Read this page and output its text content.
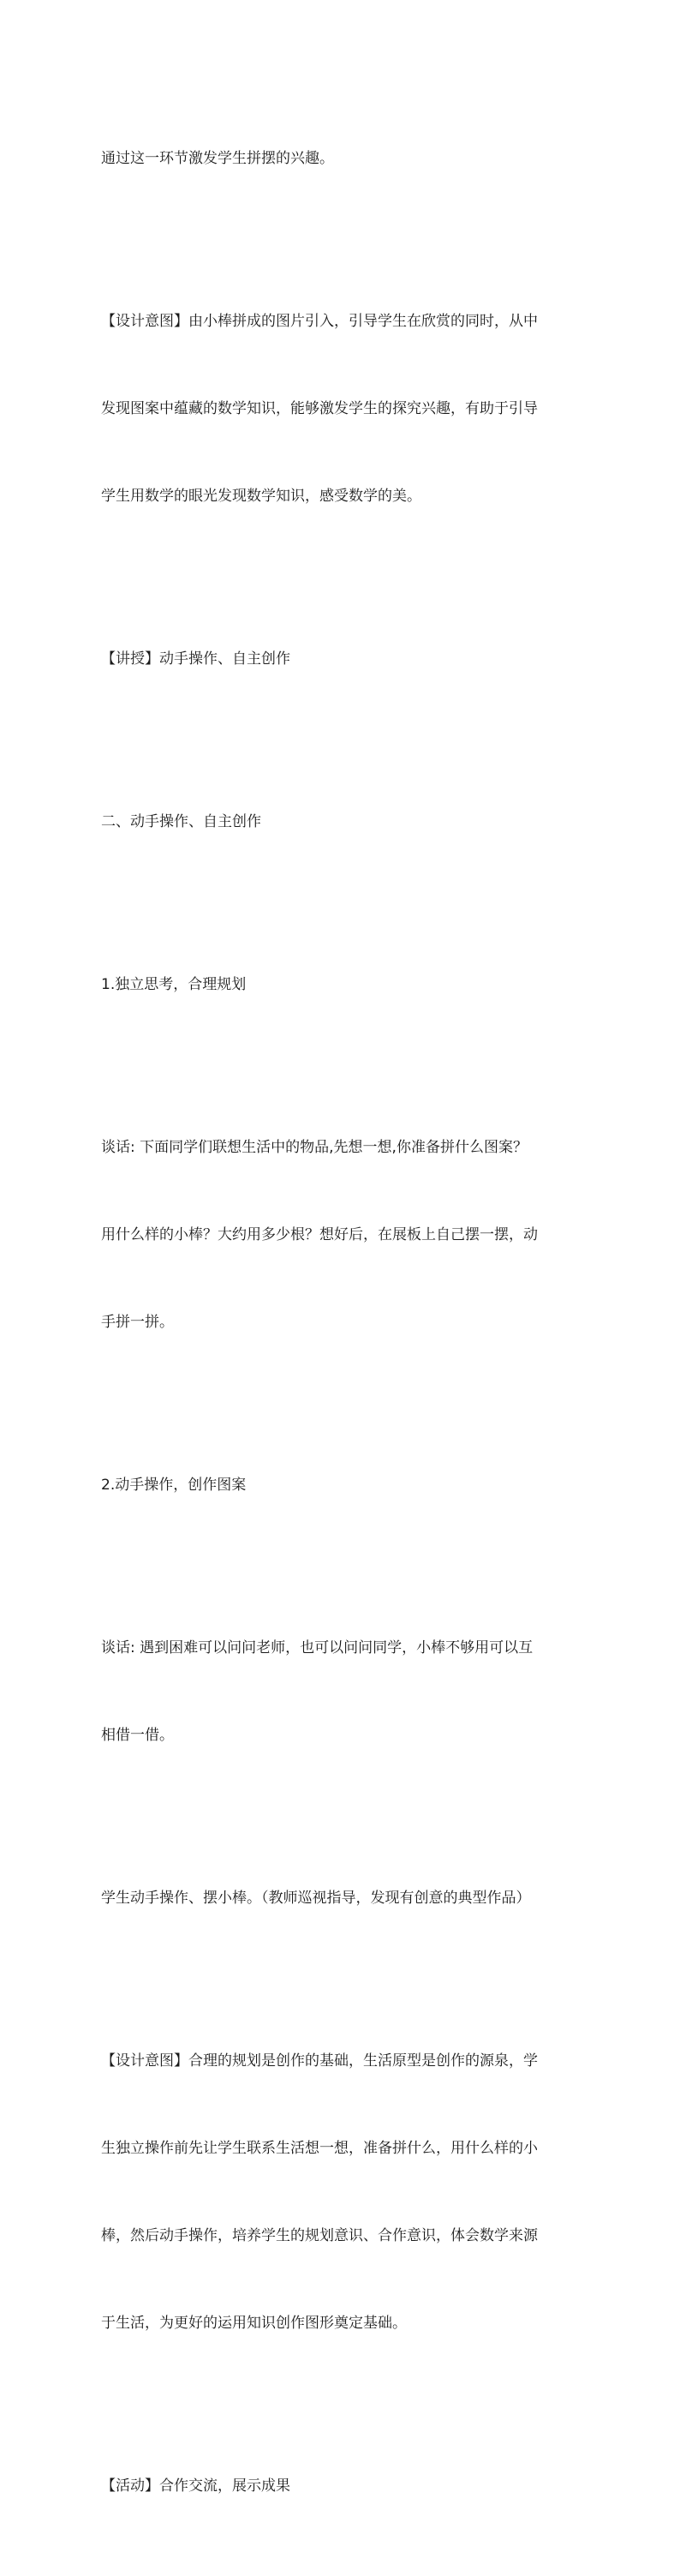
通过这一环节激发学生拼摆的兴趣。

【设计意图】由小棒拼成的图片引入，引导学生在欣赏的同时，从中

发现图案中蕴藏的数学知识，能够激发学生的探究兴趣，有助于引导

学生用数学的眼光发现数学知识，感受数学的美。

【讲授】动手操作、自主创作

二、动手操作、自主创作

1.独立思考，合理规划

谈话: 下面同学们联想生活中的物品,先想一想,你准备拼什么图案？

用什么样的小棒？大约用多少根？想好后，在展板上自己摆一摆，动

手拼一拼。

2.动手操作，创作图案

谈话: 遇到困难可以问问老师，也可以问问同学，小棒不够用可以互

相借一借。

学生动手操作、摆小棒。（教师巡视指导，发现有创意的典型作品）

【设计意图】合理的规划是创作的基础，生活原型是创作的源泉，学

生独立操作前先让学生联系生活想一想，准备拼什么，用什么样的小

棒，然后动手操作，培养学生的规划意识、合作意识，体会数学来源

于生活，为更好的运用知识创作图形奠定基础。

【活动】合作交流，展示成果
